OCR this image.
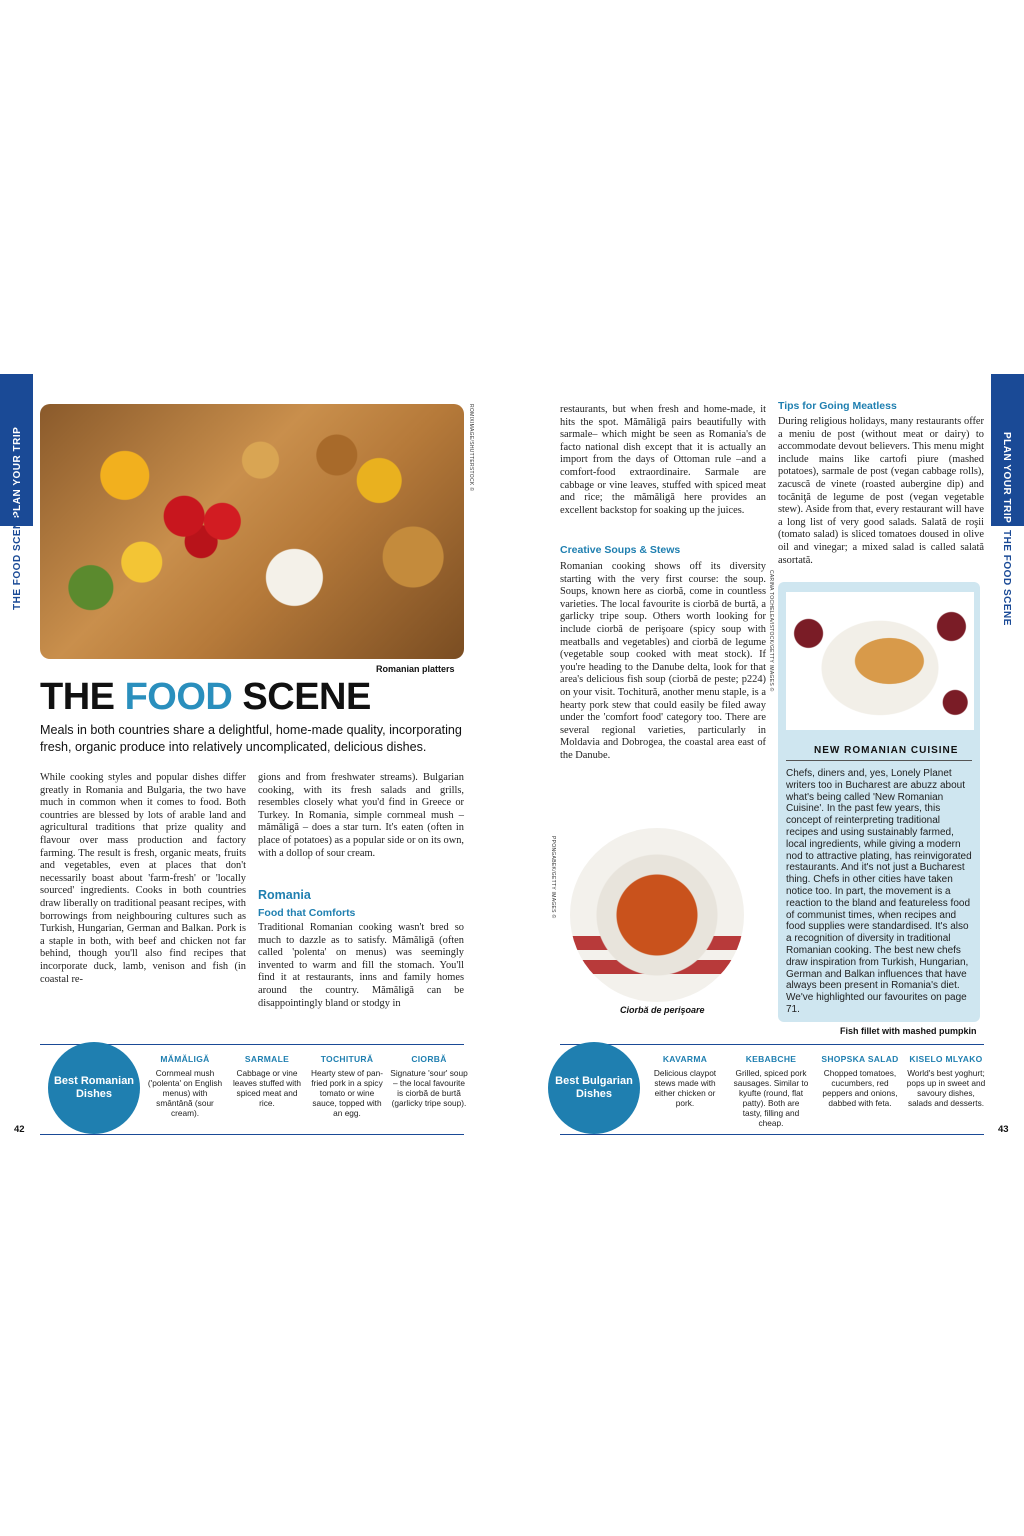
PLAN YOUR TRIP
THE FOOD SCENE
PLAN YOUR TRIP
THE FOOD SCENE
ROMIXIMAGE/SHUTTERSTOCK ©
Romanian platters
THE FOOD SCENE
Meals in both countries share a delightful, home-made quality, incorporating fresh, organic produce into relatively uncomplicated, delicious dishes.
While cooking styles and popular dishes differ greatly in Romania and Bulgaria, the two have much in common when it comes to food. Both countries are blessed by lots of arable land and agricultural traditions that prize quality and flavour over mass production and factory farming. The result is fresh, organic meats, fruits and vegetables, even at places that don't necessarily boast about 'farm-fresh' or 'locally sourced' ingredients. Cooks in both countries draw liberally on traditional peasant recipes, with borrowings from neighbouring cultures such as Turkish, Hungarian, German and Balkan. Pork is a staple in both, with beef and chicken not far behind, though you'll also find recipes that incorporate duck, lamb, venison and fish (in coastal re-
gions and from freshwater streams). Bulgarian cooking, with its fresh salads and grills, resembles closely what you'd find in Greece or Turkey. In Romania, simple cornmeal mush – mămăligă – does a star turn. It's eaten (often in place of potatoes) as a popular side or on its own, with a dollop of sour cream.
Romania
Food that Comforts
Traditional Romanian cooking wasn't bred so much to dazzle as to satisfy. Mămăligă (often called 'polenta' on menus) was seemingly invented to warm and fill the stomach. You'll find it at restaurants, inns and family homes around the country. Mămăligă can be disappointingly bland or stodgy in
restaurants, but when fresh and home-made, it hits the spot. Mămăligă pairs beautifully with sarmale– which might be seen as Romania's de facto national dish except that it is actually an import from the days of Ottoman rule –and a comfort-food extraordinaire. Sarmale are cabbage or vine leaves, stuffed with spiced meat and rice; the mămăligă here provides an excellent backstop for soaking up the juices.
Creative Soups & Stews
Romanian cooking shows off its diversity starting with the very first course: the soup. Soups, known here as ciorbă, come in countless varieties. The local favourite is ciorbă de burtă, a garlicky tripe soup. Others worth looking for include ciorbă de perişoare (spicy soup with meatballs and vegetables) and ciorbă de legume (vegetable soup cooked with meat stock). If you're heading to the Danube delta, look for that area's delicious fish soup (ciorbă de peste; p224) on your visit. Tochitură, another menu staple, is a hearty pork stew that could easily be filed away under the 'comfort food' category too. There are several regional varieties, particularly in Moldavia and Dobrogea, the coastal area east of the Danube.
CARINA TOCHELEA/ISTOCK/GETTY IMAGES ©
PPONGABEK/GETTY IMAGES ©
Ciorbă de perişoare
Tips for Going Meatless
During religious holidays, many restaurants offer a meniu de post (without meat or dairy) to accommodate devout believers. This menu might include mains like cartofi piure (mashed potatoes), sarmale de post (vegan cabbage rolls), zacuscă de vinete (roasted aubergine dip) and tocăniţă de legume de post (vegan vegetable stew). Aside from that, every restaurant will have a long list of very good salads. Salată de roşii (tomato salad) is sliced tomatoes doused in olive oil and vinegar; a mixed salad is called salată asortată.
NEW ROMANIAN CUISINE
Chefs, diners and, yes, Lonely Planet writers too in Bucharest are abuzz about what's being called 'New Romanian Cuisine'. In the past few years, this concept of reinterpreting traditional recipes and using sustainably farmed, local ingredients, while giving a modern nod to attractive plating, has reinvigorated restaurants. And it's not just a Bucharest thing. Chefs in other cities have taken notice too. In part, the movement is a reaction to the bland and featureless food of communist times, when recipes and food supplies were standardised. It's also a recognition of diversity in traditional Romanian cooking. The best new chefs draw inspiration from Turkish, Hungarian, German and Balkan influences that have always been present in Romania's diet. We've highlighted our favourites on page 71.
Fish fillet with mashed pumpkin
Best Romanian Dishes
MĂMĂLIGĂ
Cornmeal mush ('polenta' on English menus) with smântână (sour cream).
SARMALE
Cabbage or vine leaves stuffed with spiced meat and rice.
TOCHITURĂ
Hearty stew of pan-fried pork in a spicy tomato or wine sauce, topped with an egg.
CIORBĂ
Signature 'sour' soup – the local favourite is ciorbă de burtă (garlicky tripe soup).
Best Bulgarian Dishes
KAVARMA
Delicious claypot stews made with either chicken or pork.
KEBABCHE
Grilled, spiced pork sausages. Similar to kyufte (round, flat patty). Both are tasty, filling and cheap.
SHOPSKA SALAD
Chopped tomatoes, cucumbers, red peppers and onions, dabbed with feta.
KISELO MLYAKO
World's best yoghurt; pops up in sweet and savoury dishes, salads and desserts.
42	43
